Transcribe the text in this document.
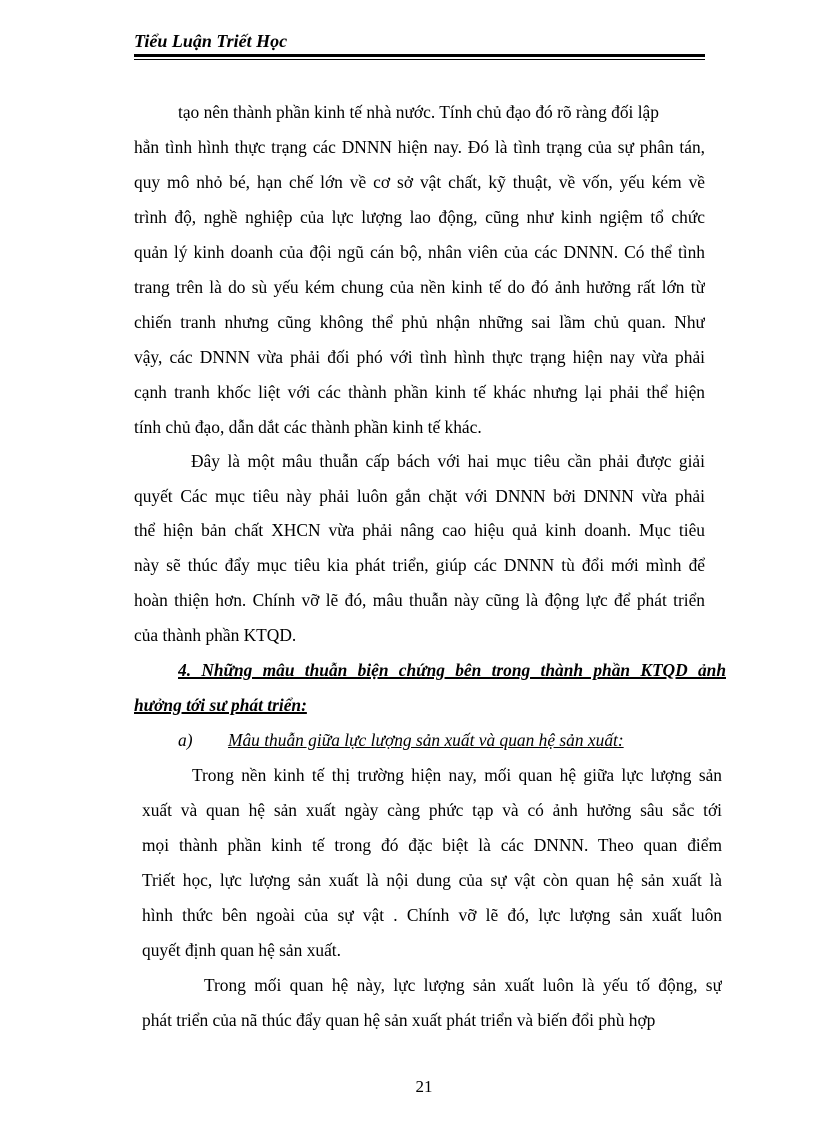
Tiểu Luận Triết Học
tạo nên thành phần kinh tế nhà nước. Tính chủ đạo đó rõ ràng đối lập
hẳn tình hình thực trạng các DNNN hiện nay. Đó là tình trạng của sự phân tán,
quy mô nhỏ bé, hạn chế lớn về cơ sở vật chất, kỹ thuật, về vốn, yếu kém về
trình độ, nghề nghiệp của lực lượng lao động, cũng như kinh ngiệm tổ chức
quản lý kinh doanh của đội ngũ cán bộ, nhân viên của các DNNN. Có thể tình
trang trên là do sù yếu kém chung của nền kinh tế do đó ảnh hưởng rất lớn từ
chiến tranh nhưng cũng không thể phủ nhận những sai lầm chủ quan. Như
vậy, các DNNN vừa phải đối phó với tình hình thực trạng hiện nay vừa phải
cạnh tranh khốc liệt với các thành phần kinh tế khác nhưng lại phải thể hiện
tính chủ đạo, dẫn dắt các thành phần kinh tế khác.
Đây là một mâu thuẫn cấp bách với hai mục tiêu cần phải được giải
quyết Các mục tiêu này phải luôn gắn chặt với DNNN bởi DNNN vừa phải
thể hiện bản chất XHCN vừa phải nâng cao hiệu quả kinh doanh. Mục tiêu
này sẽ thúc đẩy mục tiêu kia phát triển, giúp các DNNN tù đổi mới mình để
hoàn thiện hơn. Chính vỡ lẽ đó, mâu thuẫn này cũng là động lực để phát triển
của thành phần KTQD.
4. Những mâu thuẫn biện chứng bên trong thành phần KTQD ảnh
hưởng tới sư phát triển:
a) Mâu thuẫn giữa lực lượng sản xuất và quan hệ sản xuất:
Trong nền kinh tế thị trường hiện nay, mối quan hệ giữa lực lượng sản
xuất và quan hệ sản xuất ngày càng phức tạp và có ảnh hưởng sâu sắc tới
mọi thành phần kinh tế trong đó đặc biệt là các DNNN. Theo quan điểm
Triết học, lực lượng sản xuất là nội dung của sự vật còn quan hệ sản xuất là
hình thức bên ngoài của sự vật . Chính vỡ lẽ đó, lực lượng sản xuất luôn
quyết định quan hệ sản xuất.
Trong mối quan hệ này, lực lượng sản xuất luôn là yếu tố động, sự
phát triển của nã thúc đẩy quan hệ sản xuất phát triển và biến đổi phù hợp
21
